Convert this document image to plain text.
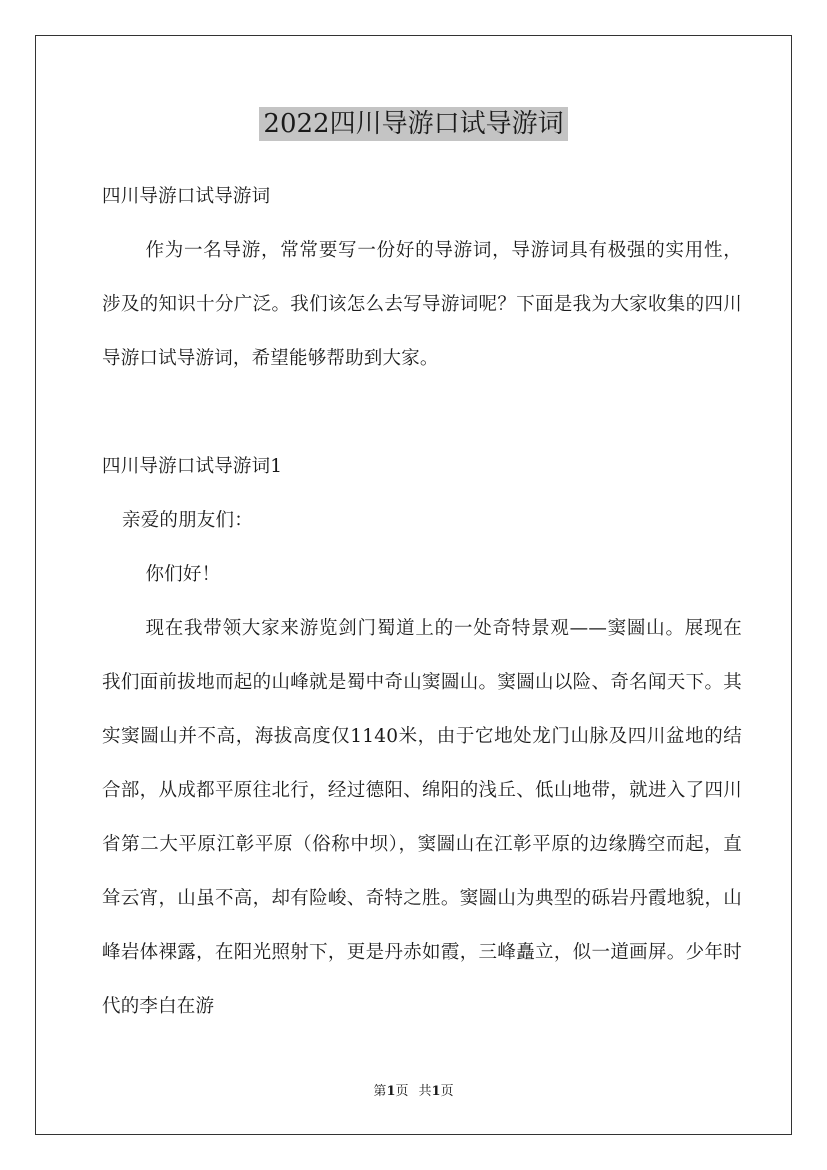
2022四川导游口试导游词

四川导游口试导游词

作为一名导游，常常要写一份好的导游词，导游词具有极强的实用性，涉及的知识十分广泛。我们该怎么去写导游词呢？下面是我为大家收集的四川导游口试导游词，希望能够帮助到大家。

四川导游口试导游词1

亲爱的朋友们：

你们好！

现在我带领大家来游览剑门蜀道上的一处奇特景观——窦圌山。展现在我们面前拔地而起的山峰就是蜀中奇山窦圌山。窦圌山以险、奇名闻天下。其实窦圌山并不高，海拔高度仅1140米，由于它地处龙门山脉及四川盆地的结合部，从成都平原往北行，经过德阳、绵阳的浅丘、低山地带，就进入了四川省第二大平原江彰平原（俗称中坝），窦圌山在江彰平原的边缘腾空而起，直耸云宵，山虽不高，却有险峻、奇特之胜。窦圌山为典型的砾岩丹霞地貌，山峰岩体裸露，在阳光照射下，更是丹赤如霞，三峰矗立，似一道画屏。少年时代的李白在游

第1页 共1页
